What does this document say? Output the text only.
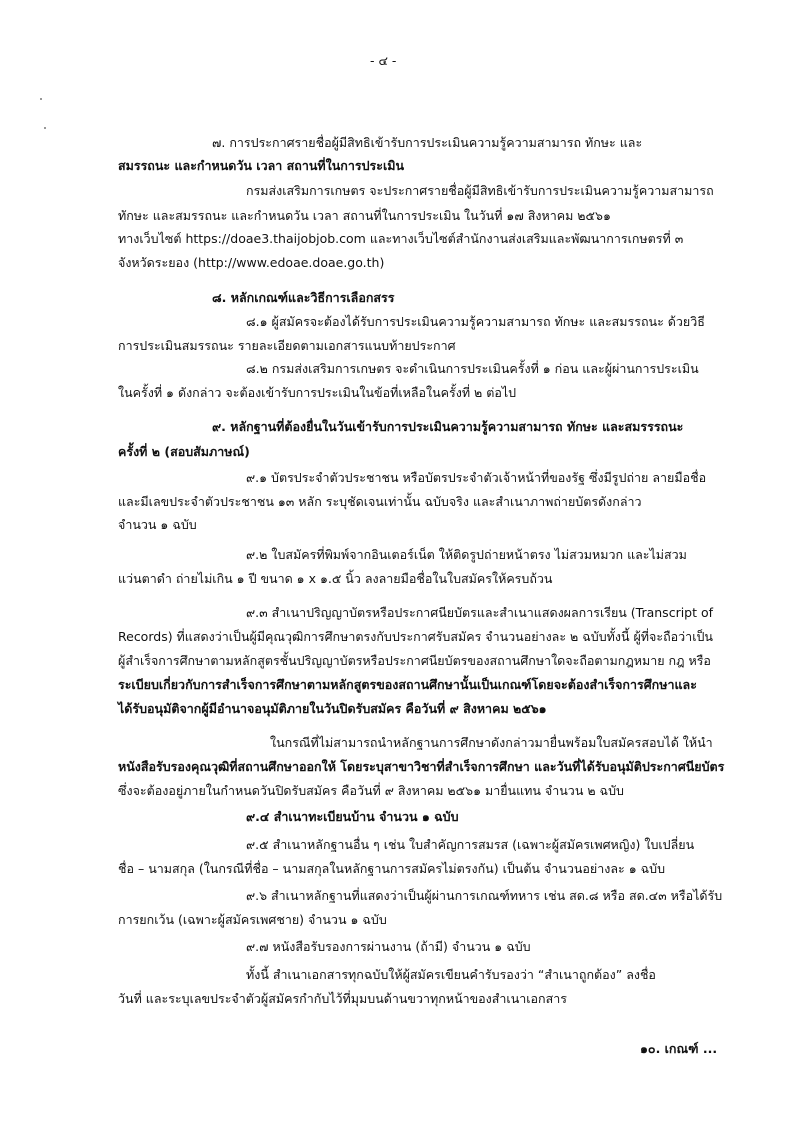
- ๔ -
๗. การประกาศรายชื่อผู้มีสิทธิเข้ารับการประเมินความรู้ความสามารถ ทักษะ และ
สมรรถนะ และกำหนดวัน เวลา สถานที่ในการประเมิน
กรมส่งเสริมการเกษตร จะประกาศรายชื่อผู้มีสิทธิเข้ารับการประเมินความรู้ความสามารถ
ทักษะ และสมรรถนะ และกำหนดวัน เวลา สถานที่ในการประเมิน ในวันที่ ๑๗ สิงหาคม ๒๕๖๑
ทางเว็บไซต์ https://doae3.thaijobjob.com และทางเว็บไซต์สำนักงานส่งเสริมและพัฒนาการเกษตรที่ ๓
จังหวัดระยอง (http://www.edoae.doae.go.th)
๘. หลักเกณฑ์และวิธีการเลือกสรร
๘.๑ ผู้สมัครจะต้องได้รับการประเมินความรู้ความสามารถ ทักษะ และสมรรถนะ ด้วยวิธี
การประเมินสมรรถนะ รายละเอียดตามเอกสารแนบท้ายประกาศ
๘.๒ กรมส่งเสริมการเกษตร จะดำเนินการประเมินครั้งที่ ๑ ก่อน และผู้ผ่านการประเมิน
ในครั้งที่ ๑ ดังกล่าว จะต้องเข้ารับการประเมินในข้อที่เหลือในครั้งที่ ๒ ต่อไป
๙. หลักฐานที่ต้องยื่นในวันเข้ารับการประเมินความรู้ความสามารถ ทักษะ และสมรรรถนะ
ครั้งที่ ๒ (สอบสัมภาษณ์)
๙.๑ บัตรประจำตัวประชาชน หรือบัตรประจำตัวเจ้าหน้าที่ของรัฐ ซึ่งมีรูปถ่าย ลายมือชื่อ
และมีเลขประจำตัวประชาชน ๑๓ หลัก ระบุชัดเจนเท่านั้น ฉบับจริง และสำเนาภาพถ่ายบัตรดังกล่าว
จำนวน ๑ ฉบับ
๙.๒ ใบสมัครที่พิมพ์จากอินเตอร์เน็ต ให้ติดรูปถ่ายหน้าตรง ไม่สวมหมวก และไม่สวม
แว่นตาดำ ถ่ายไม่เกิน ๑ ปี ขนาด ๑ x ๑.๕ นิ้ว ลงลายมือชื่อในใบสมัครให้ครบถ้วน
๙.๓ สำเนาปริญญาบัตรหรือประกาศนียบัตรและสำเนาแสดงผลการเรียน (Transcript of
Records) ที่แสดงว่าเป็นผู้มีคุณวุฒิการศึกษาตรงกับประกาศรับสมัคร จำนวนอย่างละ ๒ ฉบับทั้งนี้ ผู้ที่จะถือว่าเป็น
ผู้สำเร็จการศึกษาตามหลักสูตรชั้นปริญญาบัตรหรือประกาศนียบัตรของสถานศึกษาใดจะถือตามกฎหมาย กฎ หรือ
ระเบียบเกี่ยวกับการสำเร็จการศึกษาตามหลักสูตรของสถานศึกษานั้นเป็นเกณฑ์โดยจะต้องสำเร็จการศึกษาและ
ได้รับอนุมัติจากผู้มีอำนาจอนุมัติภายในวันปิดรับสมัคร คือวันที่ ๙ สิงหาคม ๒๕๖๑
ในกรณีที่ไม่สามารถนำหลักฐานการศึกษาดังกล่าวมายื่นพร้อมใบสมัครสอบได้ ให้นำ
หนังสือรับรองคุณวุฒิที่สถานศึกษาออกให้ โดยระบุสาขาวิชาที่สำเร็จการศึกษา และวันที่ได้รับอนุมัติประกาศนียบัตร
ซึ่งจะต้องอยู่ภายในกำหนดวันปิดรับสมัคร คือวันที่ ๙ สิงหาคม ๒๕๖๑ มายื่นแทน จำนวน ๒ ฉบับ
๙.๔ สำเนาทะเบียนบ้าน จำนวน ๑ ฉบับ
๙.๕ สำเนาหลักฐานอื่น ๆ เช่น ใบสำคัญการสมรส (เฉพาะผู้สมัครเพศหญิง) ใบเปลี่ยน
ชื่อ – นามสกุล (ในกรณีที่ชื่อ – นามสกุลในหลักฐานการสมัครไม่ตรงกัน) เป็นต้น จำนวนอย่างละ ๑ ฉบับ
๙.๖ สำเนาหลักฐานที่แสดงว่าเป็นผู้ผ่านการเกณฑ์ทหาร เช่น สด.๘ หรือ สด.๔๓ หรือได้รับ
การยกเว้น (เฉพาะผู้สมัครเพศชาย) จำนวน ๑ ฉบับ
๙.๗ หนังสือรับรองการผ่านงาน (ถ้ามี) จำนวน ๑ ฉบับ
ทั้งนี้ สำเนาเอกสารทุกฉบับให้ผู้สมัครเขียนคำรับรองว่า “สำเนาถูกต้อง” ลงชื่อ
วันที่ และระบุเลขประจำตัวผู้สมัครกำกับไว้ที่มุมบนด้านขวาทุกหน้าของสำเนาเอกสาร
๑๐. เกณฑ์ ...
